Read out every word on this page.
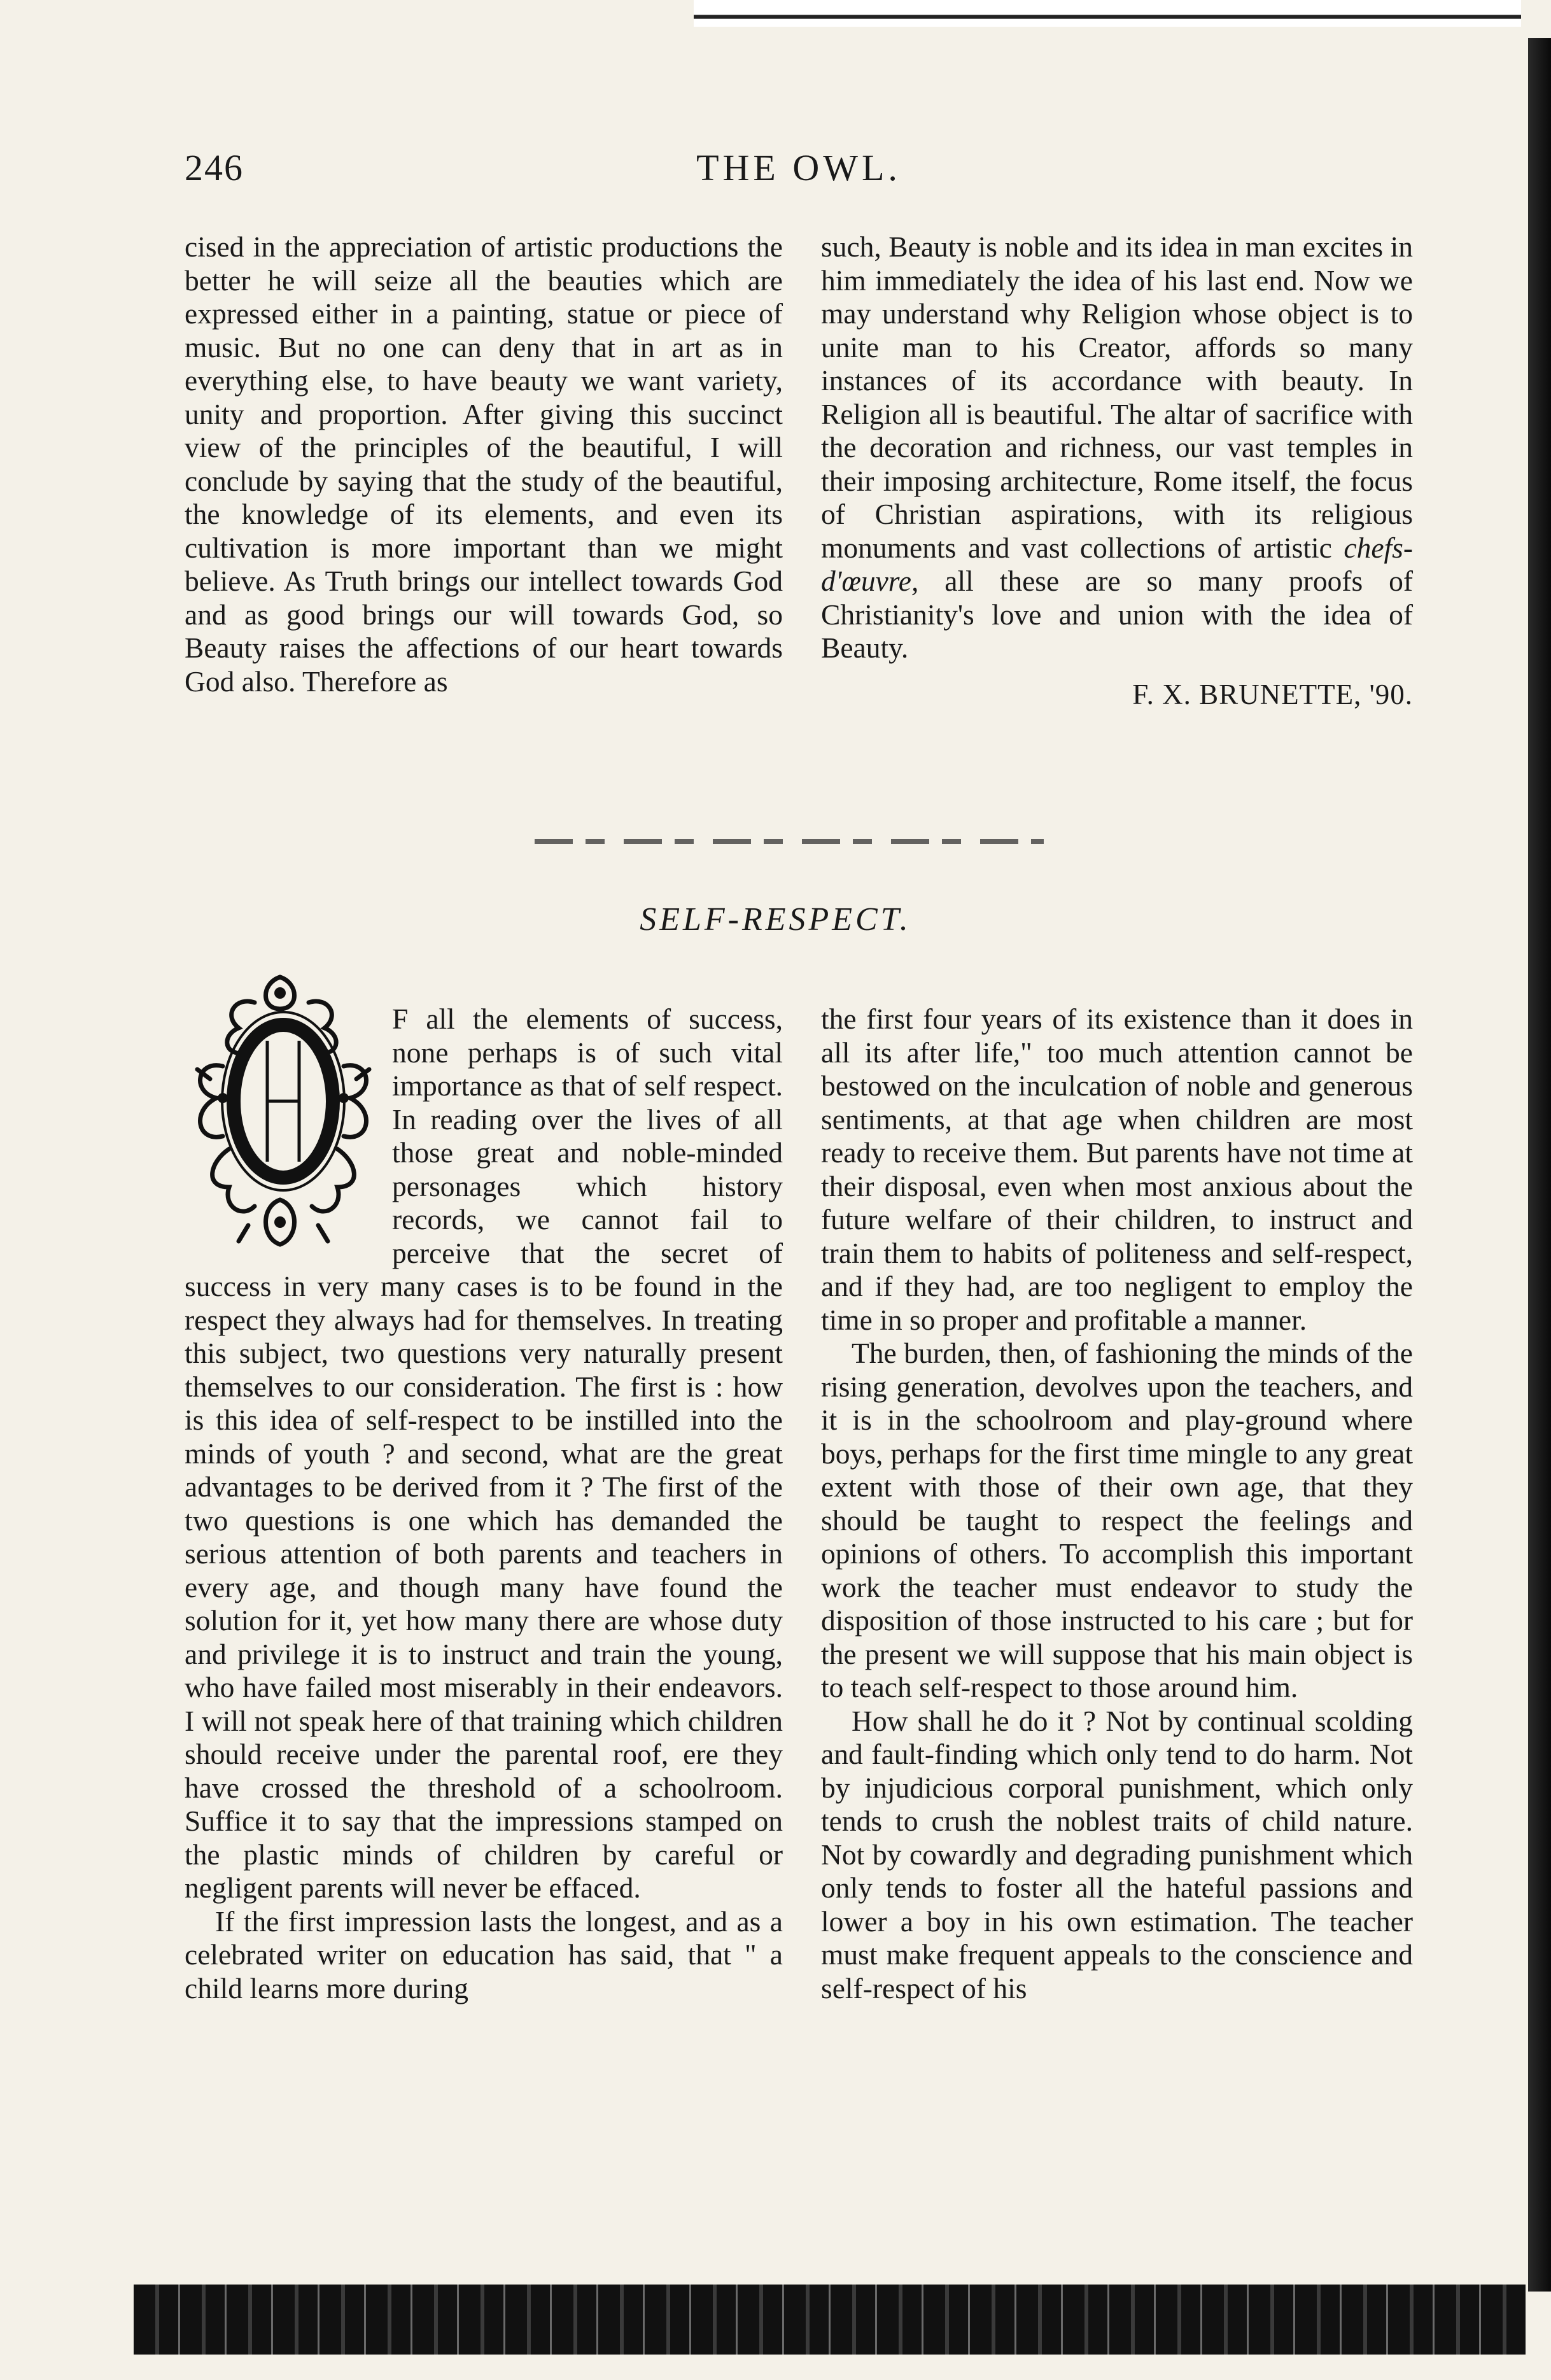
THE OWL.
246

cised in the appreciation of artistic productions the better he will seize all the beauties which are expressed either in a painting, statue or piece of music. But no one can deny that in art as in everything else, to have beauty we want variety, unity and proportion. After giving this succinct view of the principles of the beautiful, I will conclude by saying that the study of the beautiful, the knowledge of its elements, and even its cultivation is more important than we might believe. As Truth brings our intellect towards God and as good brings our will towards God, so Beauty raises the affections of our heart towards God also. Therefore as

such, Beauty is noble and its idea in man excites in him immediately the idea of his last end. Now we may understand why Religion whose object is to unite man to his Creator, affords so many instances of its accordance with beauty. In Religion all is beautiful. The altar of sacrifice with the decoration and richness, our vast temples in their imposing architecture, Rome itself, the focus of Christian aspirations, with its religious monuments and vast collections of artistic chefs-d'œuvre, all these are so many proofs of Christianity's love and union with the idea of Beauty.

F. X. BRUNETTE, '90.
SELF-RESPECT.

F all the elements of success, none perhaps is of such vital importance as that of self respect. In reading over the lives of all those great and noble-minded personages which history records, we cannot fail to perceive that the secret of success in very many cases is to be found in the respect they always had for themselves. In treating this subject, two questions very naturally present themselves to our consideration. The first is : how is this idea of self-respect to be instilled into the minds of youth ? and second, what are the great advantages to be derived from it ? The first of the two questions is one which has demanded the serious attention of both parents and teachers in every age, and though many have found the solution for it, yet how many there are whose duty and privilege it is to instruct and train the young, who have failed most miserably in their endeavors. I will not speak here of that training which children should receive under the parental roof, ere they have crossed the threshold of a schoolroom. Suffice it to say that the impressions stamped on the plastic minds of children by careful or negligent parents will never be effaced.

If the first impression lasts the longest, and as a celebrated writer on education has said, that " a child learns more during

the first four years of its existence than it does in all its after life," too much attention cannot be bestowed on the inculcation of noble and generous sentiments, at that age when children are most ready to receive them. But parents have not time at their disposal, even when most anxious about the future welfare of their children, to instruct and train them to habits of politeness and self-respect, and if they had, are too negligent to employ the time in so proper and profitable a manner.

The burden, then, of fashioning the minds of the rising generation, devolves upon the teachers, and it is in the schoolroom and play-ground where boys, perhaps for the first time mingle to any great extent with those of their own age, that they should be taught to respect the feelings and opinions of others. To accomplish this important work the teacher must endeavor to study the disposition of those instructed to his care ; but for the present we will suppose that his main object is to teach self-respect to those around him.

How shall he do it ? Not by continual scolding and fault-finding which only tend to do harm. Not by injudicious corporal punishment, which only tends to crush the noblest traits of child nature. Not by cowardly and degrading punishment which only tends to foster all the hateful passions and lower a boy in his own estimation. The teacher must make frequent appeals to the conscience and self-respect of his
